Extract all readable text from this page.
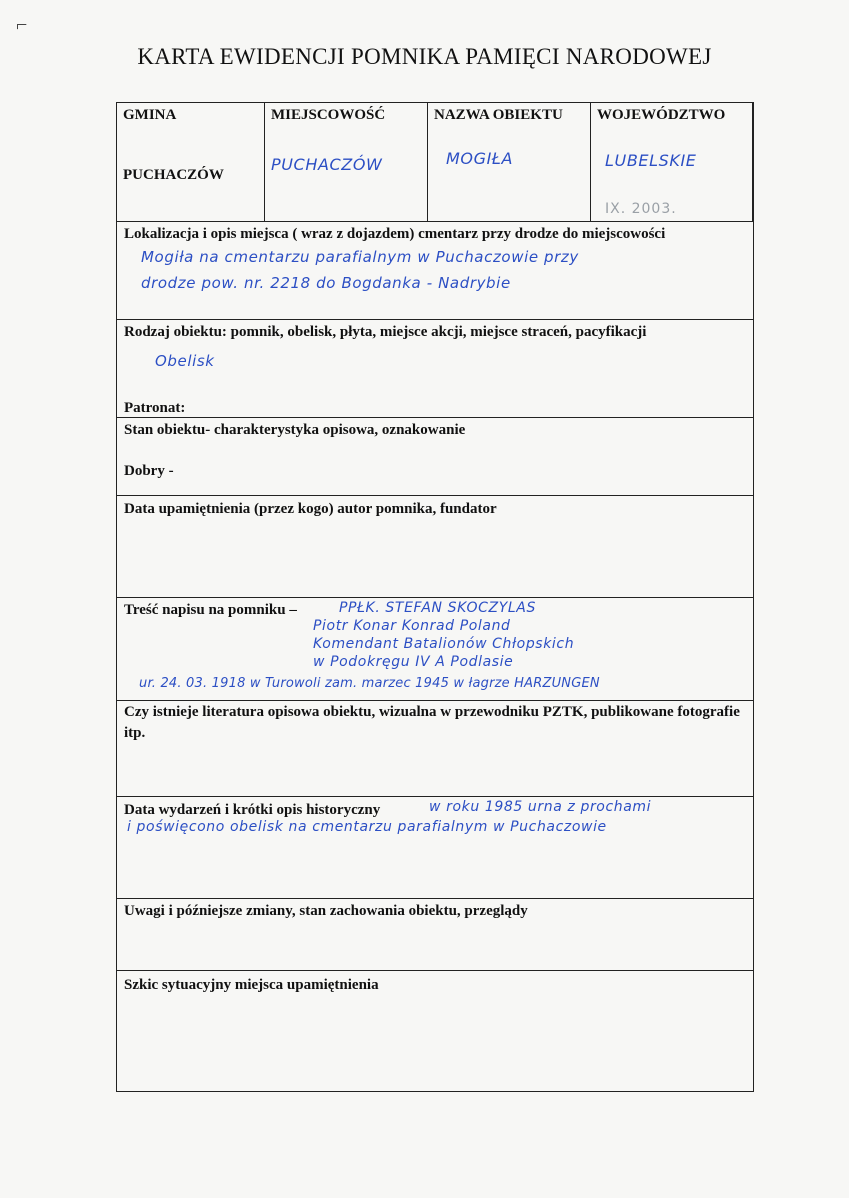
⌐
KARTA EWIDENCJI POMNIKA PAMIĘCI NARODOWEJ
GMINA
PUCHACZÓW
MIEJSCOWOŚĆ
PUCHACZÓW
NAZWA OBIEKTU
MOGIŁA
WOJEWÓDZTWO
LUBELSKIE
IX. 2003.
Lokalizacja i opis miejsca ( wraz z dojazdem) cmentarz przy drodze do miejscowości
Mogiła na cmentarzu parafialnym w Puchaczowie przy
drodze pow. nr. 2218 do Bogdanka - Nadrybie
Rodzaj obiektu: pomnik, obelisk, płyta, miejsce akcji, miejsce straceń, pacyfikacji
Obelisk
Patronat:
Stan obiektu- charakterystyka opisowa, oznakowanie
Dobry -
Data upamiętnienia (przez kogo) autor pomnika, fundator
Treść napisu na pomniku –	PPŁK. STEFAN SKOCZYLAS
Piotr Konar Konrad Poland
Komendant Batalionów Chłopskich
w Podokręgu IV A Podlasie
ur. 24. 03. 1918 w Turowoli zam. marzec 1945 w łagrze HARZUNGEN
Czy istnieje literatura opisowa obiektu, wizualna w przewodniku PZTK, publikowane fotografie itp.
Data wydarzeń i krótki opis historyczny	w roku 1985 urna z prochami
i poświęcono obelisk na cmentarzu parafialnym w Puchaczowie
Uwagi i późniejsze zmiany, stan zachowania obiektu, przeglądy
Szkic sytuacyjny miejsca upamiętnienia
